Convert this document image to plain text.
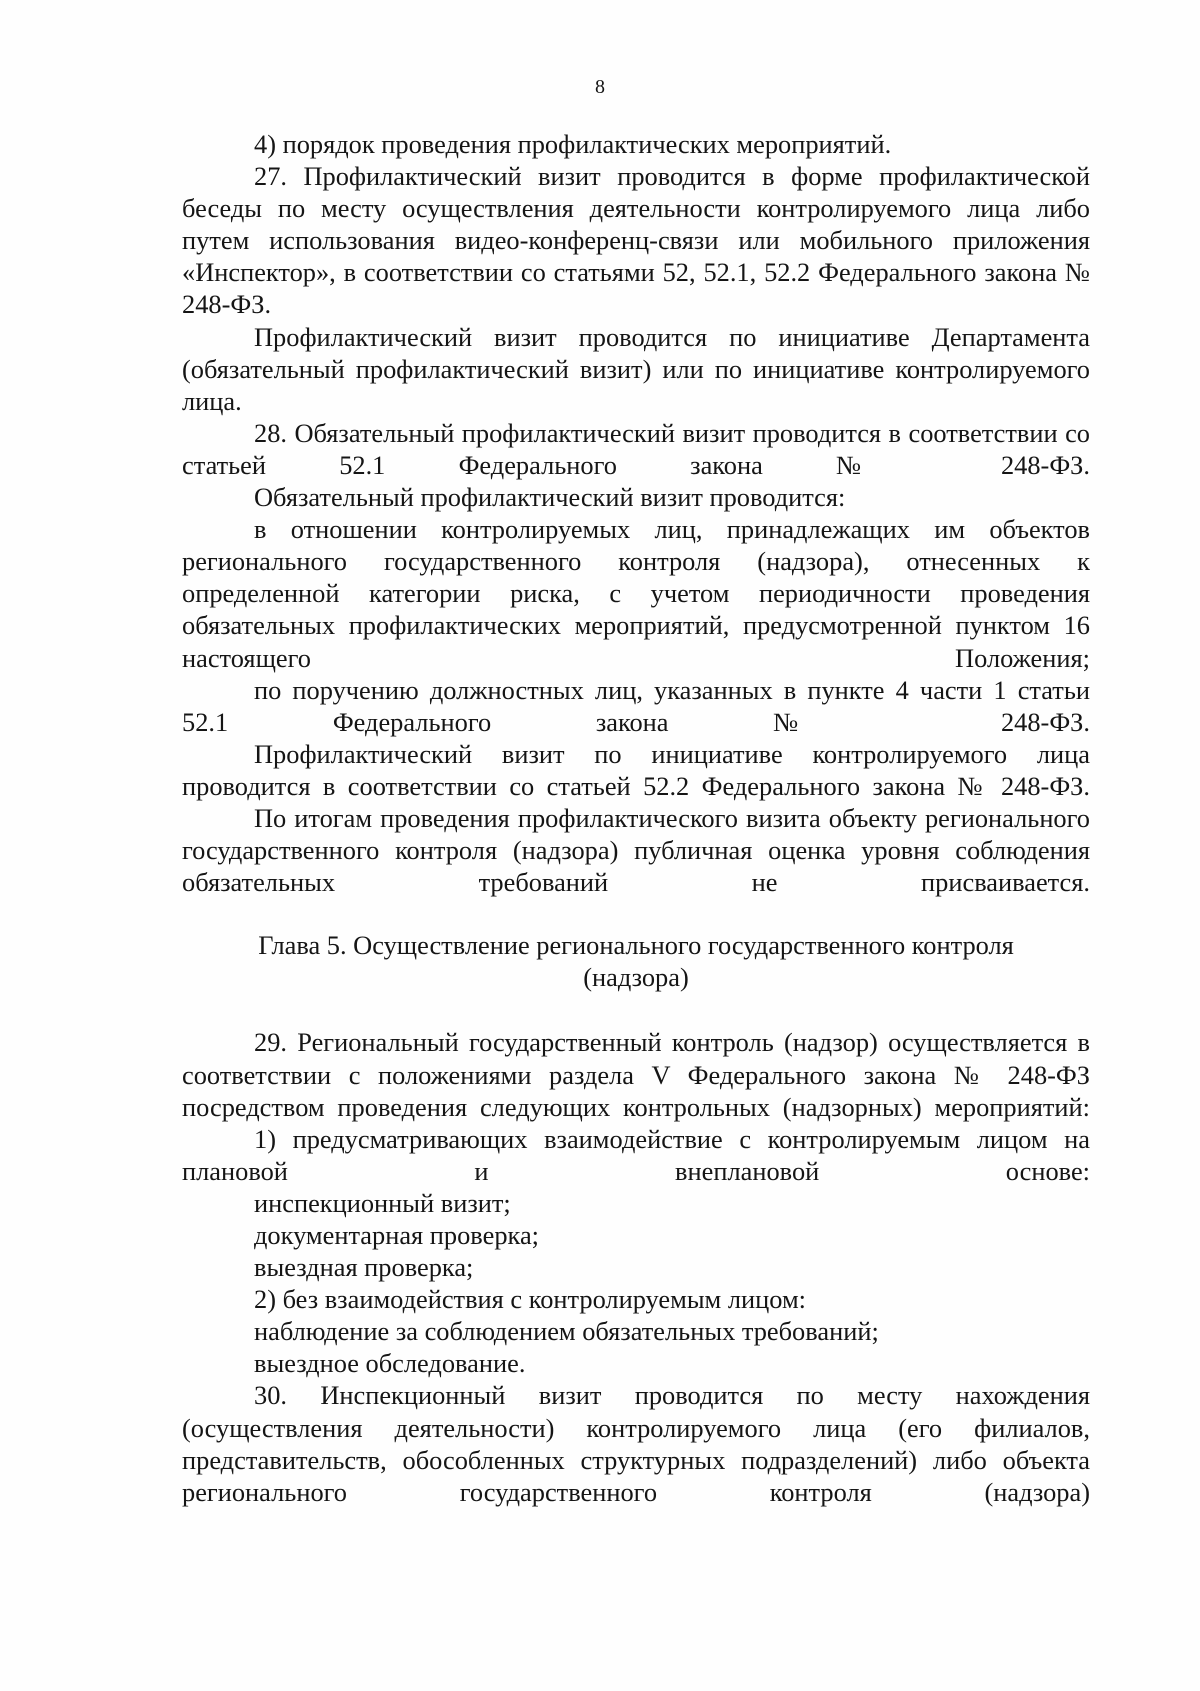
8

4) порядок проведения профилактических мероприятий.

27. Профилактический визит проводится в форме профилактической беседы по месту осуществления деятельности контролируемого лица либо путем использования видео-конференц-связи или мобильного приложения «Инспектор», в соответствии со статьями 52, 52.1, 52.2 Федерального закона № 248-ФЗ.

Профилактический визит проводится по инициативе Департамента (обязательный профилактический визит) или по инициативе контролируемого лица.

28. Обязательный профилактический визит проводится в соответствии со статьей 52.1 Федерального закона № 248-ФЗ.

Обязательный профилактический визит проводится:

в отношении контролируемых лиц, принадлежащих им объектов регионального государственного контроля (надзора), отнесенных к определенной категории риска, с учетом периодичности проведения обязательных профилактических мероприятий, предусмотренной пунктом 16 настоящего Положения;

по поручению должностных лиц, указанных в пункте 4 части 1 статьи 52.1 Федерального закона № 248-ФЗ.

Профилактический визит по инициативе контролируемого лица проводится в соответствии со статьей 52.2 Федерального закона № 248-ФЗ.

По итогам проведения профилактического визита объекту регионального государственного контроля (надзора) публичная оценка уровня соблюдения обязательных требований не присваивается.

Глава 5. Осуществление регионального государственного контроля (надзора)

29. Региональный государственный контроль (надзор) осуществляется в соответствии с положениями раздела V Федерального закона № 248-ФЗ посредством проведения следующих контрольных (надзорных) мероприятий:

1) предусматривающих взаимодействие с контролируемым лицом на плановой и внеплановой основе:

инспекционный визит;

документарная проверка;

выездная проверка;

2) без взаимодействия с контролируемым лицом:

наблюдение за соблюдением обязательных требований;

выездное обследование.

30. Инспекционный визит проводится по месту нахождения (осуществления деятельности) контролируемого лица (его филиалов, представительств, обособленных структурных подразделений) либо объекта регионального государственного контроля (надзора)
